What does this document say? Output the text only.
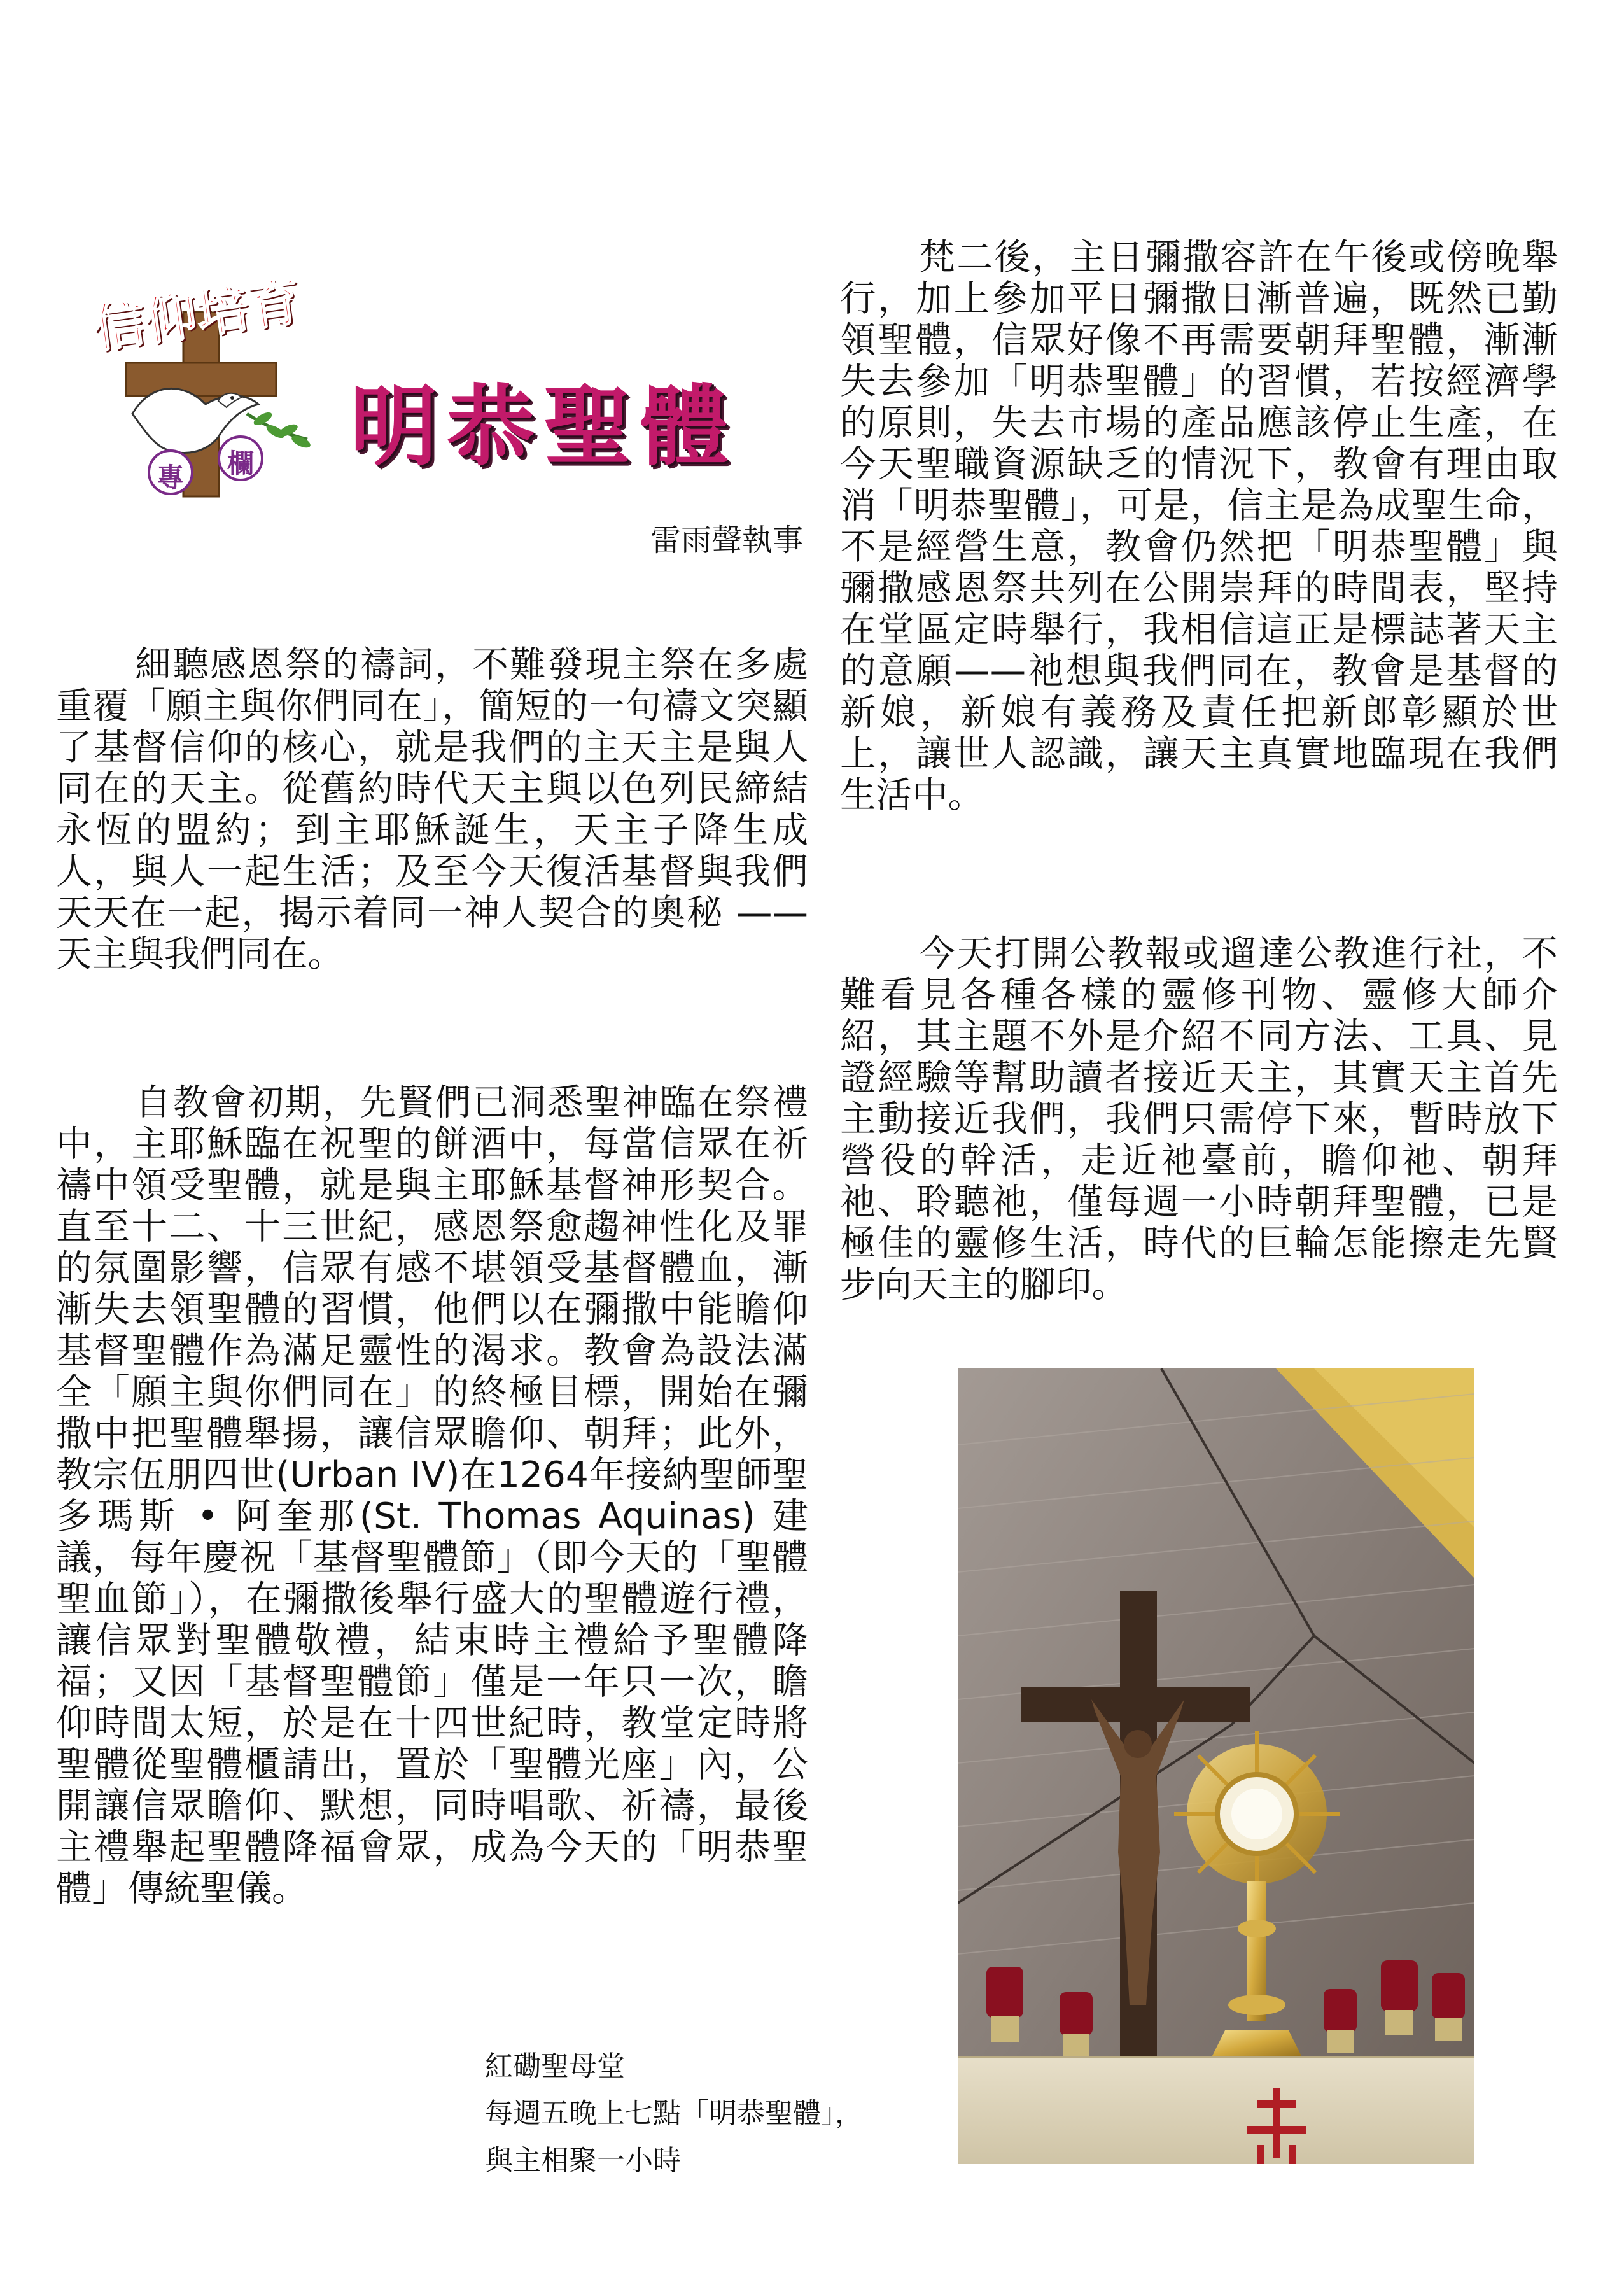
信仰培育
專 欄 明恭聖體
雷雨聲執事

細聽感恩祭的禱詞，不難發現主祭在多處重覆「願主與你們同在」，簡短的一句禱文突顯了基督信仰的核心，就是我們的主天主是與人同在的天主。從舊約時代天主與以色列民締結永恆的盟約；到主耶穌誕生，天主子降生成人，與人一起生活；及至今天復活基督與我們天天在一起，揭示着同一神人契合的奧秘 —— 天主與我們同在。

自教會初期，先賢們已洞悉聖神臨在祭禮中，主耶穌臨在祝聖的餅酒中，每當信眾在祈禱中領受聖體，就是與主耶穌基督神形契合。直至十二、十三世紀，感恩祭愈趨神性化及罪的氛圍影響，信眾有感不堪領受基督體血，漸漸失去領聖體的習慣，他們以在彌撒中能瞻仰基督聖體作為滿足靈性的渴求。教會為設法滿全「願主與你們同在」的終極目標，開始在彌撒中把聖體舉揚，讓信眾瞻仰、朝拜；此外，教宗伍朋四世(Urban IV)在1264年接納聖師聖多瑪斯 • 阿奎那(St. Thomas Aquinas) 建議，每年慶祝「基督聖體節」（即今天的「聖體聖血節」），在彌撒後舉行盛大的聖體遊行禮，讓信眾對聖體敬禮，結束時主禮給予聖體降福；又因「基督聖體節」僅是一年只一次，瞻仰時間太短，於是在十四世紀時，教堂定時將聖體從聖體櫃請出，置於「聖體光座」內，公開讓信眾瞻仰、默想，同時唱歌、祈禱，最後主禮舉起聖體降福會眾，成為今天的「明恭聖體」傳統聖儀。

梵二後，主日彌撒容許在午後或傍晚舉行，加上參加平日彌撒日漸普遍，既然已勤領聖體，信眾好像不再需要朝拜聖體，漸漸失去參加「明恭聖體」的習慣，若按經濟學的原則，失去市場的產品應該停止生產，在今天聖職資源缺乏的情況下，教會有理由取消「明恭聖體」，可是，信主是為成聖生命，不是經營生意，教會仍然把「明恭聖體」與彌撒感恩祭共列在公開崇拜的時間表，堅持在堂區定時舉行，我相信這正是標誌著天主的意願——祂想與我們同在，教會是基督的新娘，新娘有義務及責任把新郎彰顯於世上，讓世人認識，讓天主真實地臨現在我們生活中。

今天打開公教報或遛達公教進行社，不難看見各種各樣的靈修刊物、靈修大師介紹，其主題不外是介紹不同方法、工具、見證經驗等幫助讀者接近天主，其實天主首先主動接近我們，我們只需停下來，暫時放下營役的幹活，走近祂臺前，瞻仰祂、朝拜祂、聆聽祂，僅每週一小時朝拜聖體，已是極佳的靈修生活，時代的巨輪怎能擦走先賢步向天主的腳印。

紅磡聖母堂
每週五晚上七點「明恭聖體」，
與主相聚一小時
